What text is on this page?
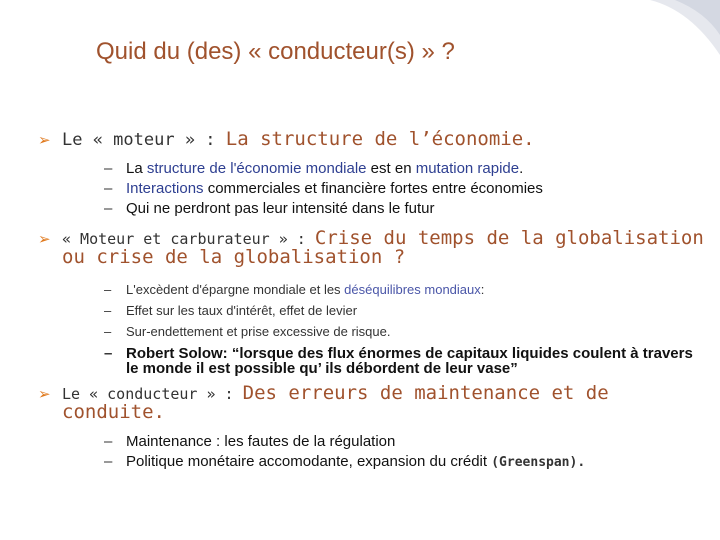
Quid du (des) « conducteur(s) » ?
➢ Le « moteur » : La structure de l’économie.
– La structure de l'économie mondiale est en mutation rapide.
– Interactions commerciales et financière fortes entre économies
– Qui ne perdront pas leur intensité dans le futur
➢ « Moteur et carburateur » : Crise du temps de la globalisation
ou crise de la globalisation ?
– L'excèdent d'épargne mondiale et les déséquilibres mondiaux:
– Effet sur les taux d'intérêt, effet de levier
– Sur-endettement et prise excessive de risque.
– Robert Solow: “lorsque des flux énormes de capitaux liquides coulent à travers le monde il est possible qu’ ils débordent de leur vase”
➢ Le « conducteur » : Des erreurs de maintenance et de
conduite.
– Maintenance : les fautes de la régulation
– Politique monétaire accomodante, expansion du crédit (Greenspan).
